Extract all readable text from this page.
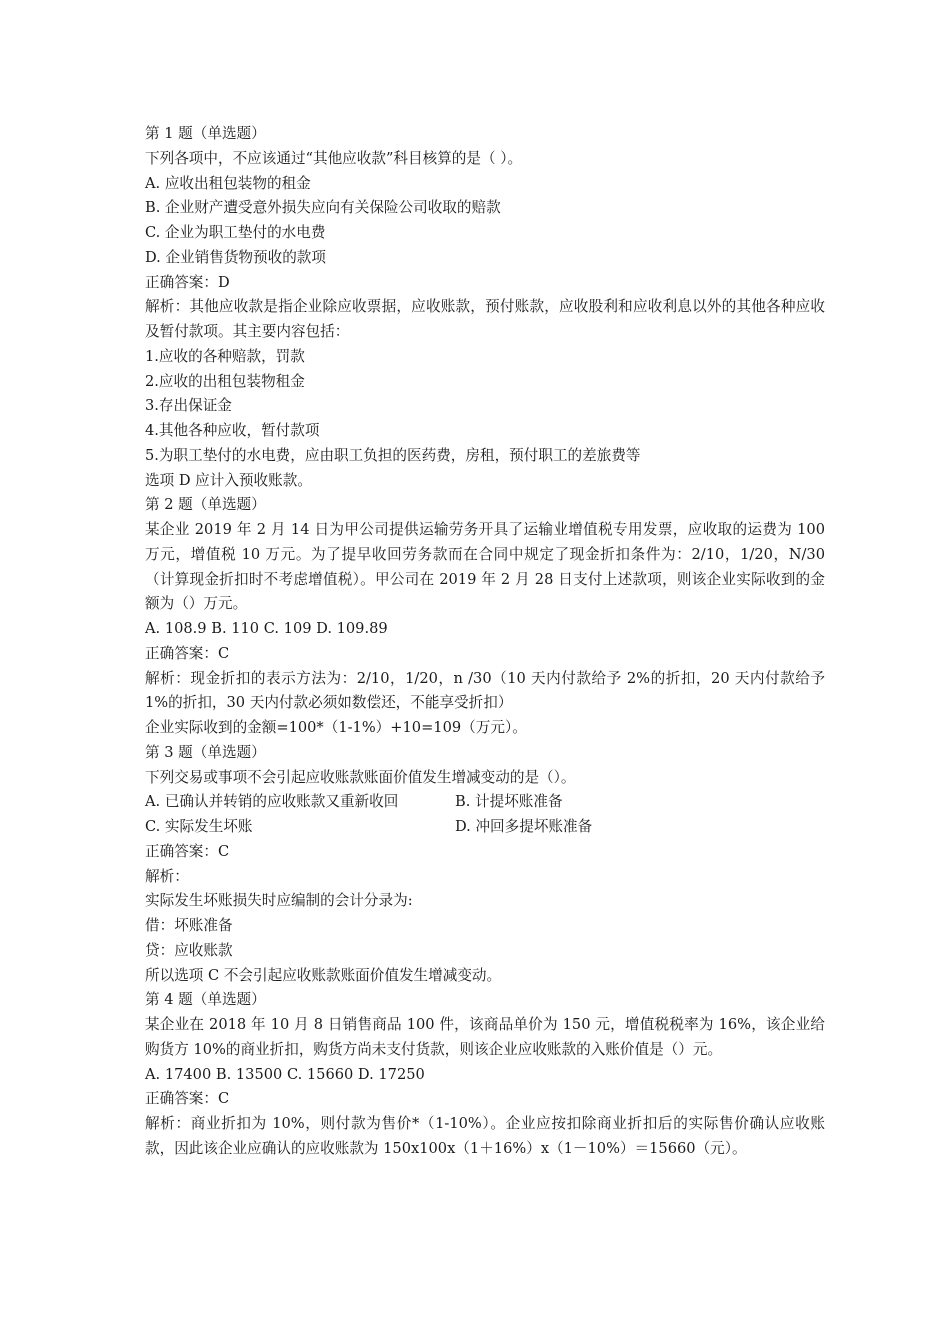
第 1 题（单选题）

下列各项中，不应该通过“其他应收款”科目核算的是（ ）。

A. 应收出租包装物的租金

B. 企业财产遭受意外损失应向有关保险公司收取的赔款

C. 企业为职工垫付的水电费

D. 企业销售货物预收的款项

正确答案：D

解析：其他应收款是指企业除应收票据，应收账款，预付账款，应收股利和应收利息以外的其他各种应收及暂付款项。其主要内容包括：

1.应收的各种赔款，罚款

2.应收的出租包装物租金

3.存出保证金

4.其他各种应收，暂付款项

5.为职工垫付的水电费，应由职工负担的医药费，房租，预付职工的差旅费等

选项 D 应计入预收账款。

第 2 题（单选题）

某企业 2019 年 2 月 14 日为甲公司提供运输劳务开具了运输业增值税专用发票，应收取的运费为 100 万元，增值税 10 万元。为了提早收回劳务款而在合同中规定了现金折扣条件为：2/10，1/20，N/30（计算现金折扣时不考虑增值税）。甲公司在 2019 年 2 月 28 日支付上述款项，则该企业实际收到的金额为（）万元。

A. 108.9 B. 110 C. 109 D. 109.89

正确答案：C

解析：现金折扣的表示方法为：2/10，1/20，n /30（10 天内付款给予 2%的折扣，20 天内付款给予 1%的折扣，30 天内付款必须如数偿还，不能享受折扣）

企业实际收到的金额=100*（1-1%）+10=109（万元）。

第 3 题（单选题）

下列交易或事项不会引起应收账款账面价值发生增减变动的是（）。

A. 已确认并转销的应收账款又重新收回	B. 计提坏账准备
C. 实际发生坏账	D. 冲回多提坏账准备

正确答案：C

解析：

实际发生坏账损失时应编制的会计分录为:

借：坏账准备

贷：应收账款

所以选项 C 不会引起应收账款账面价值发生增减变动。

第 4 题（单选题）

某企业在 2018 年 10 月 8 日销售商品 100 件，该商品单价为 150 元，增值税税率为 16%，该企业给购货方 10%的商业折扣，购货方尚未支付货款，则该企业应收账款的入账价值是（）元。

A. 17400 B. 13500 C. 15660 D. 17250

正确答案：C

解析：商业折扣为 10%，则付款为售价*（1-10%）。企业应按扣除商业折扣后的实际售价确认应收账款，因此该企业应确认的应收账款为 150x100x（1＋16%）x（1－10%）＝15660（元）。
